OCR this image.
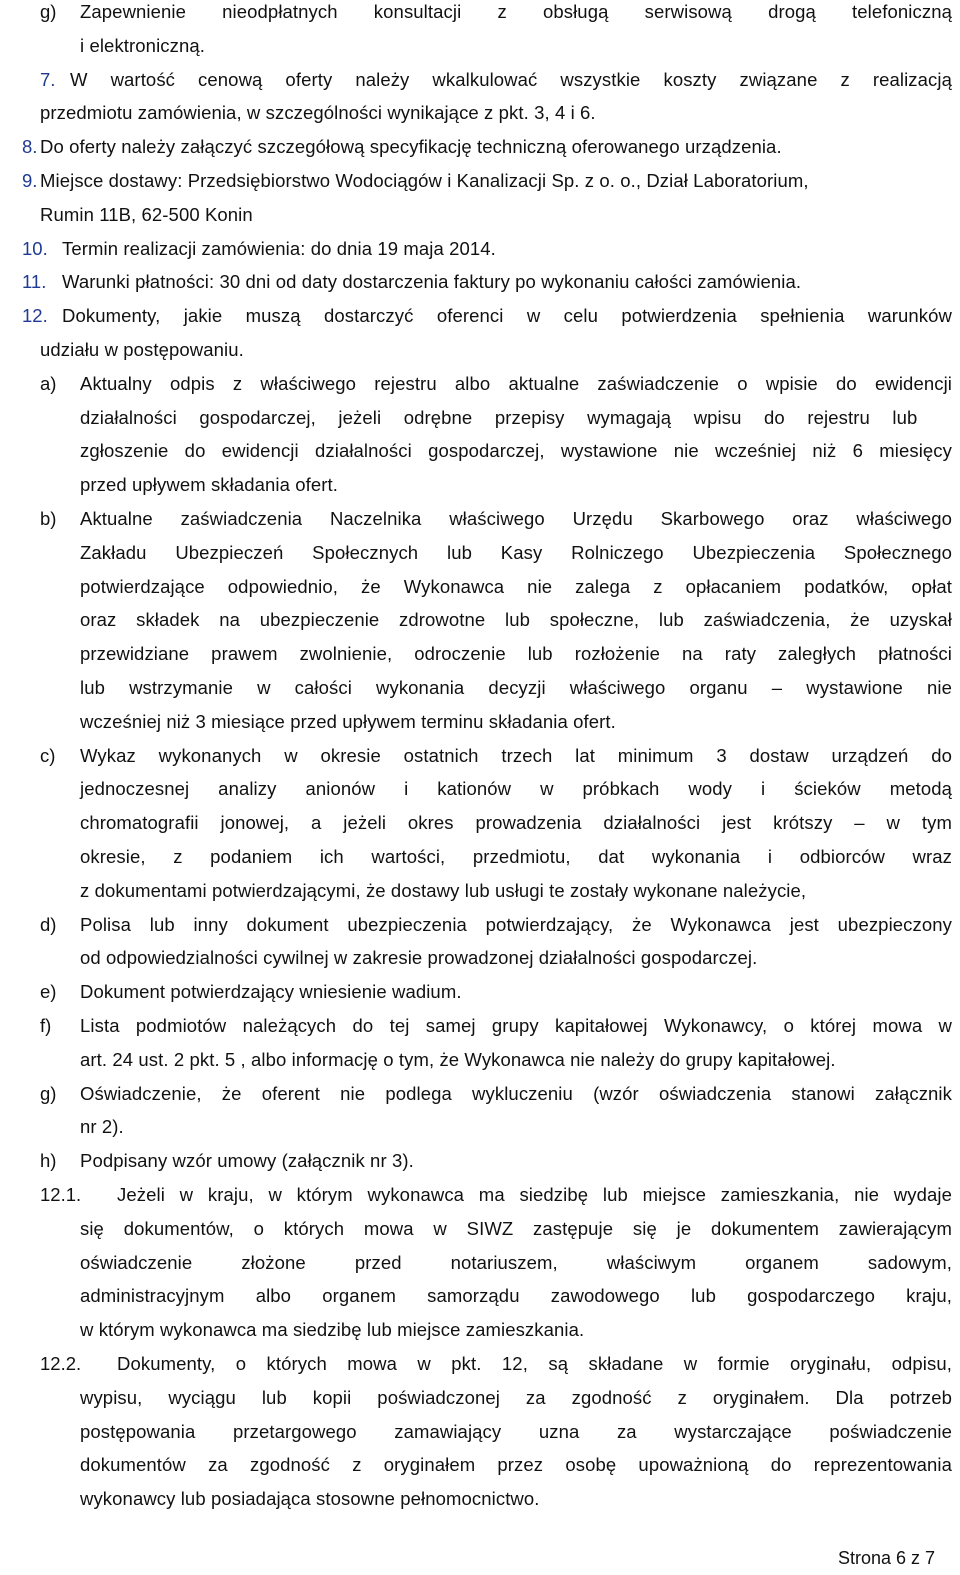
g) Zapewnienie nieodpłatnych konsultacji z obsługą serwisową drogą telefoniczną
i elektroniczną.
7. W wartość cenową oferty należy wkalkulować wszystkie koszty związane z realizacją
przedmiotu zamówienia, w szczególności wynikające z pkt. 3, 4 i 6.
8. Do oferty należy załączyć szczegółową specyfikację techniczną oferowanego urządzenia.
9. Miejsce dostawy: Przedsiębiorstwo Wodociągów i Kanalizacji Sp. z o. o., Dział Laboratorium,
Rumin 11B, 62-500 Konin
10. Termin realizacji zamówienia: do dnia 19 maja 2014.
11. Warunki płatności: 30 dni od daty dostarczenia faktury po wykonaniu całości zamówienia.
12. Dokumenty, jakie muszą dostarczyć oferenci w celu potwierdzenia spełnienia warunków
udziału w postępowaniu.
a) Aktualny odpis z właściwego rejestru albo aktualne zaświadczenie o wpisie do ewidencji
działalności gospodarczej, jeżeli odrębne przepisy wymagają wpisu do rejestru lub
zgłoszenie do ewidencji działalności gospodarczej, wystawione nie wcześniej niż 6 miesięcy
przed upływem składania ofert.
b) Aktualne zaświadczenia Naczelnika właściwego Urzędu Skarbowego oraz właściwego
Zakładu Ubezpieczeń Społecznych lub Kasy Rolniczego Ubezpieczenia Społecznego
potwierdzające odpowiednio, że Wykonawca nie zalega z opłacaniem podatków, opłat
oraz składek na ubezpieczenie zdrowotne lub społeczne, lub zaświadczenia, że uzyskał
przewidziane prawem zwolnienie, odroczenie lub rozłożenie na raty zaległych płatności
lub wstrzymanie w całości wykonania decyzji właściwego organu – wystawione nie
wcześniej niż 3 miesiące przed upływem terminu składania ofert.
c) Wykaz wykonanych w okresie ostatnich trzech lat minimum 3 dostaw urządzeń do
jednoczesnej analizy anionów i kationów w próbkach wody i ścieków metodą
chromatografii jonowej, a jeżeli okres prowadzenia działalności jest krótszy – w tym
okresie, z podaniem ich wartości, przedmiotu, dat wykonania i odbiorców wraz
z dokumentami potwierdzającymi, że dostawy lub usługi te zostały wykonane należycie,
d) Polisa lub inny dokument ubezpieczenia potwierdzający, że Wykonawca jest ubezpieczony
od odpowiedzialności cywilnej w zakresie prowadzonej działalności gospodarczej.
e) Dokument potwierdzający wniesienie wadium.
f) Lista podmiotów należących do tej samej grupy kapitałowej Wykonawcy, o której mowa w
art. 24 ust. 2 pkt. 5 , albo informację o tym, że Wykonawca nie należy do grupy kapitałowej.
g) Oświadczenie, że oferent nie podlega wykluczeniu (wzór oświadczenia stanowi załącznik
nr 2).
h) Podpisany wzór umowy (załącznik nr 3).
12.1. Jeżeli w kraju, w którym wykonawca ma siedzibę lub miejsce zamieszkania, nie wydaje
się dokumentów, o których mowa w SIWZ zastępuje się je dokumentem zawierającym
oświadczenie złożone przed notariuszem, właściwym organem sadowym,
administracyjnym albo organem samorządu zawodowego lub gospodarczego kraju,
w którym wykonawca ma siedzibę lub miejsce zamieszkania.
12.2. Dokumenty, o których mowa w pkt. 12, są składane w formie oryginału, odpisu,
wypisu, wyciągu lub kopii poświadczonej za zgodność z oryginałem. Dla potrzeb
postępowania przetargowego zamawiający uzna za wystarczające poświadczenie
dokumentów za zgodność z oryginałem przez osobę upoważnioną do reprezentowania
wykonawcy lub posiadająca stosowne pełnomocnictwo.
Strona 6 z 7
